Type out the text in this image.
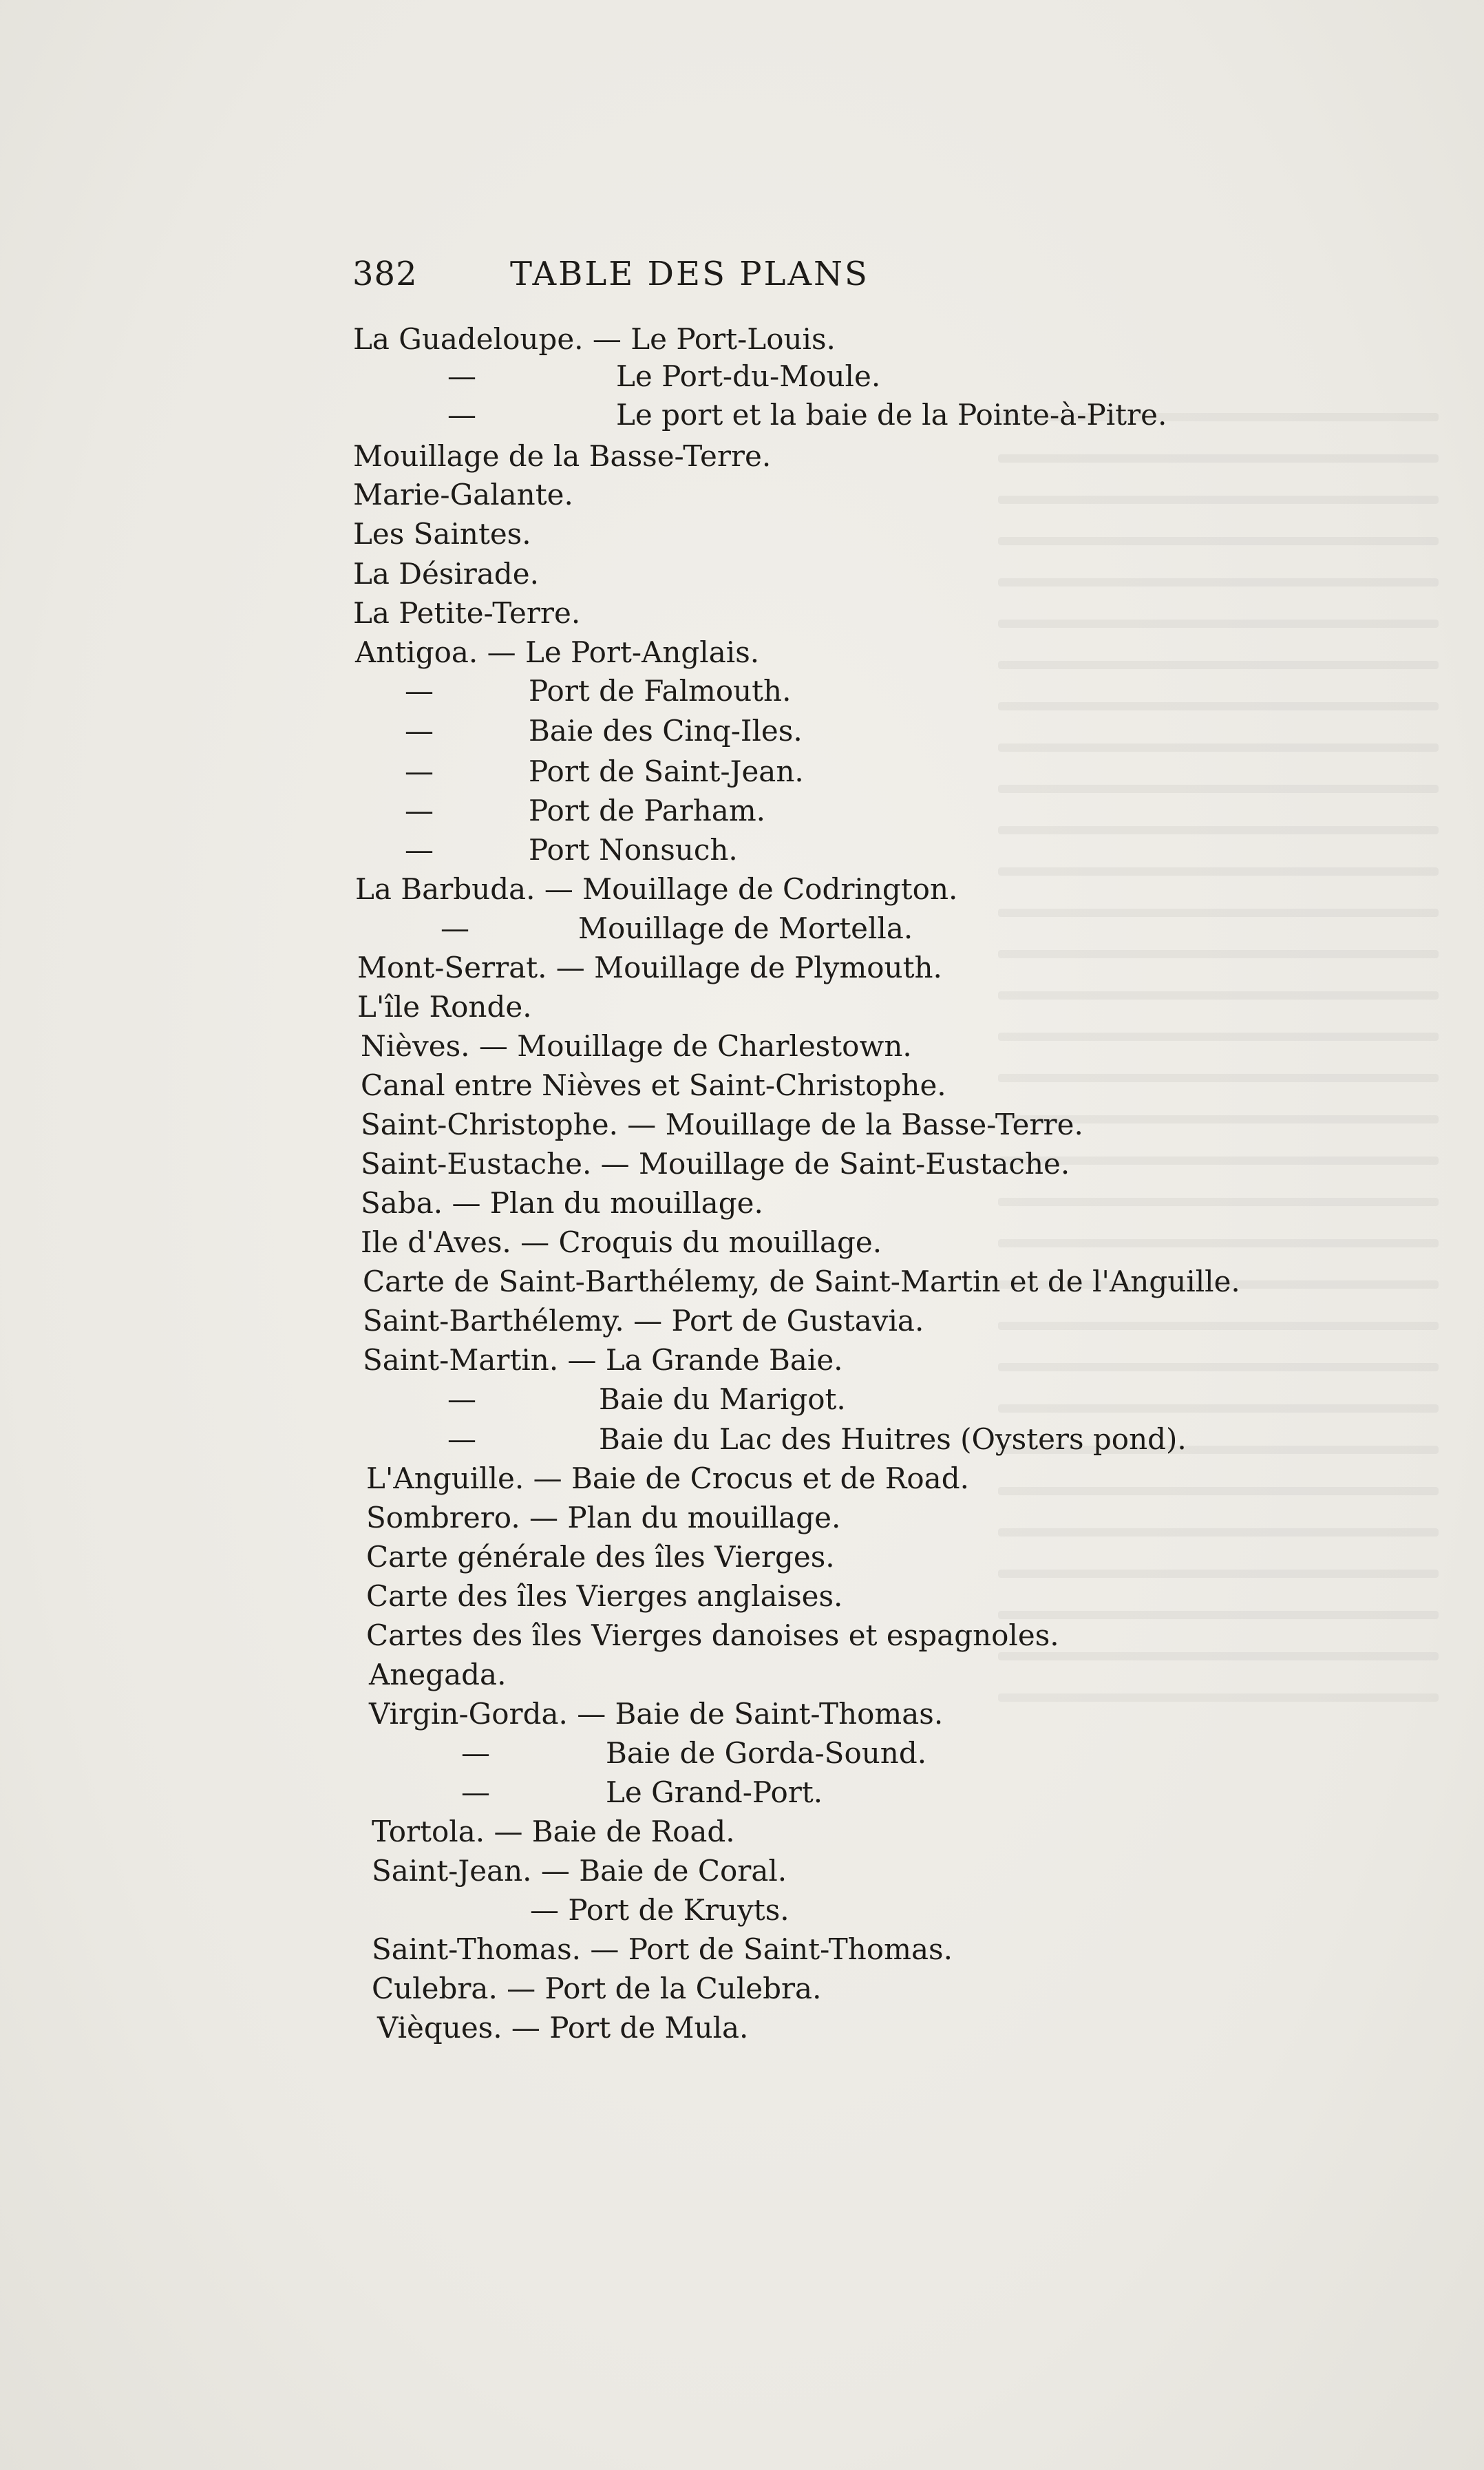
382	TABLE DES PLANS
La Guadeloupe. — Le Port-Louis.
—	Le Port-du-Moule.
—	Le port et la baie de la Pointe-à-Pitre.
Mouillage de la Basse-Terre.
Marie-Galante.
Les Saintes.
La Désirade.
La Petite-Terre.
Antigoa. — Le Port-Anglais.
—	Port de Falmouth.
—	Baie des Cinq-Iles.
—	Port de Saint-Jean.
—	Port de Parham.
—	Port Nonsuch.
La Barbuda. — Mouillage de Codrington.
—	Mouillage de Mortella.
Mont-Serrat. — Mouillage de Plymouth.
L'île Ronde.
Nièves. — Mouillage de Charlestown.
Canal entre Nièves et Saint-Christophe.
Saint-Christophe. — Mouillage de la Basse-Terre.
Saint-Eustache. — Mouillage de Saint-Eustache.
Saba. — Plan du mouillage.
Ile d'Aves. — Croquis du mouillage.
Carte de Saint-Barthélemy, de Saint-Martin et de l'Anguille.
Saint-Barthélemy. — Port de Gustavia.
Saint-Martin. — La Grande Baie.
—	Baie du Marigot.
—	Baie du Lac des Huitres (Oysters pond).
L'Anguille. — Baie de Crocus et de Road.
Sombrero. — Plan du mouillage.
Carte générale des îles Vierges.
Carte des îles Vierges anglaises.
Cartes des îles Vierges danoises et espagnoles.
Anegada.
Virgin-Gorda. — Baie de Saint-Thomas.
—	Baie de Gorda-Sound.
—	Le Grand-Port.
Tortola. — Baie de Road.
Saint-Jean. — Baie de Coral.
— Port de Kruyts.
Saint-Thomas. — Port de Saint-Thomas.
Culebra. — Port de la Culebra.
Vièques. — Port de Mula.
